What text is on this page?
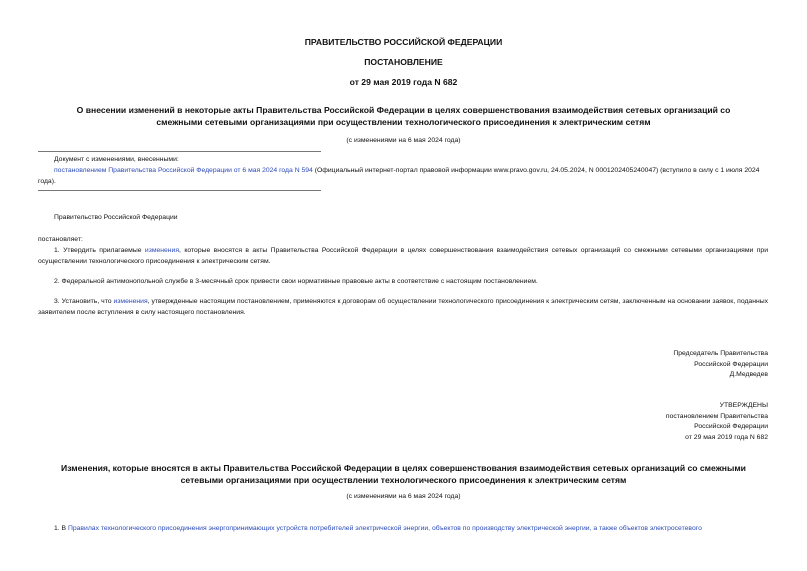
ПРАВИТЕЛЬСТВО РОССИЙСКОЙ ФЕДЕРАЦИИ
ПОСТАНОВЛЕНИЕ
от 29 мая 2019 года N 682
О внесении изменений в некоторые акты Правительства Российской Федерации в целях совершенствования взаимодействия сетевых организаций со смежными сетевыми организациями при осуществлении технологического присоединения к электрическим сетям
(с изменениями на 6 мая 2024 года)
Документ с изменениями, внесенными:
постановлением Правительства Российской Федерации от 6 мая 2024 года N 594 (Официальный интернет-портал правовой информации www.pravo.gov.ru, 24.05.2024, N 0001202405240047) (вступило в силу с 1 июля 2024 года).
Правительство Российской Федерации
постановляет:
1. Утвердить прилагаемые изменения, которые вносятся в акты Правительства Российской Федерации в целях совершенствования взаимодействия сетевых организаций со смежными сетевыми организациями при осуществлении технологического присоединения к электрическим сетям.
2. Федеральной антимонопольной службе в 3-месячный срок привести свои нормативные правовые акты в соответствие с настоящим постановлением.
3. Установить, что изменения, утвержденные настоящим постановлением, применяются к договорам об осуществлении технологического присоединения к электрическим сетям, заключенным на основании заявок, поданных заявителем после вступления в силу настоящего постановления.
Председатель Правительства
Российской Федерации
Д.Медведев
УТВЕРЖДЕНЫ
постановлением Правительства
Российской Федерации
от 29 мая 2019 года N 682
Изменения, которые вносятся в акты Правительства Российской Федерации в целях совершенствования взаимодействия сетевых организаций со смежными сетевыми организациями при осуществлении технологического присоединения к электрическим сетям
(с изменениями на 6 мая 2024 года)
1. В Правилах технологического присоединения энергопринимающих устройств потребителей электрической энергии, объектов по производству электрической энергии, а также объектов электросетевого
